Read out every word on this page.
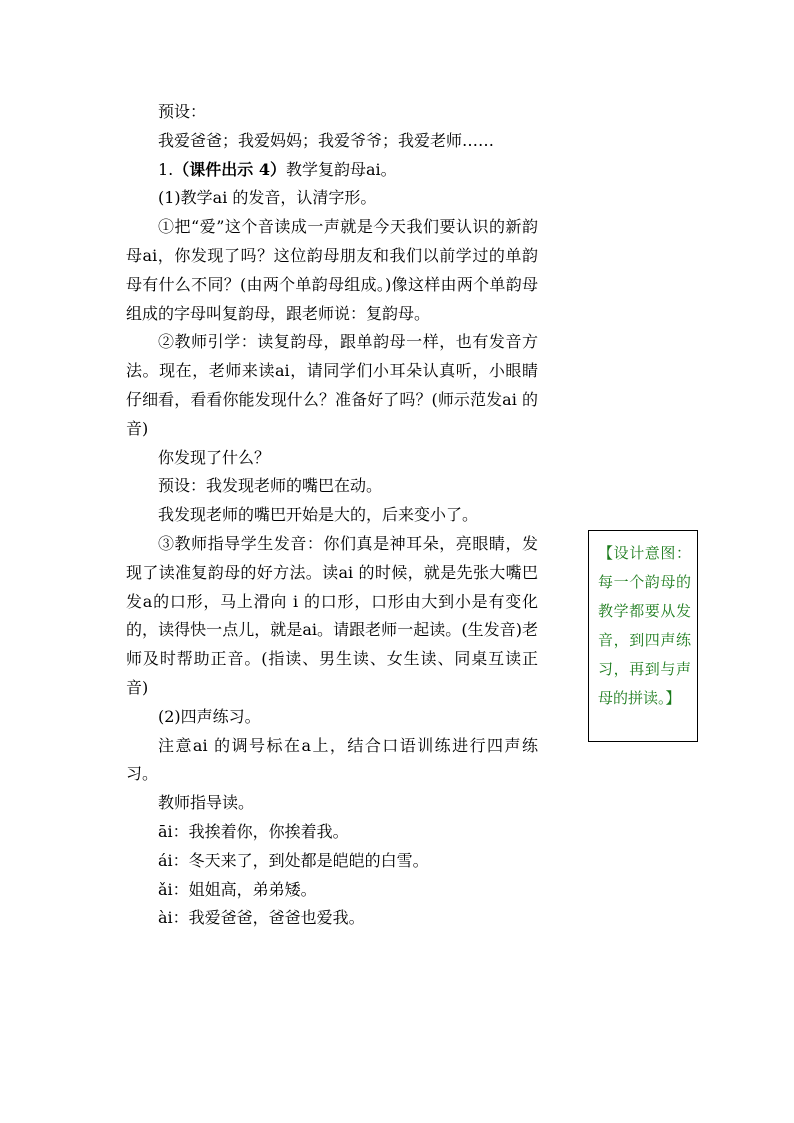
预设：

我爱爸爸；我爱妈妈；我爱爷爷；我爱老师……

1.（课件出示 4）教学复韵母ai。

(1)教学ai 的发音，认清字形。

①把“爱”这个音读成一声就是今天我们要认识的新韵母ai，你发现了吗？这位韵母朋友和我们以前学过的单韵母有什么不同？(由两个单韵母组成。)像这样由两个单韵母组成的字母叫复韵母，跟老师说：复韵母。

②教师引学：读复韵母，跟单韵母一样，也有发音方法。现在，老师来读ai，请同学们小耳朵认真听，小眼睛仔细看，看看你能发现什么？准备好了吗？(师示范发ai 的音)

你发现了什么？

预设：我发现老师的嘴巴在动。

我发现老师的嘴巴开始是大的，后来变小了。

③教师指导学生发音：你们真是神耳朵，亮眼睛，发现了读准复韵母的好方法。读ai 的时候，就是先张大嘴巴发a的口形，马上滑向 i 的口形，口形由大到小是有变化的，读得快一点儿，就是ai。请跟老师一起读。(生发音)老师及时帮助正音。(指读、男生读、女生读、同桌互读正音)

(2)四声练习。

注意ai 的调号标在a上，结合口语训练进行四声练习。

教师指导读。

āi：我挨着你，你挨着我。

ái：冬天来了，到处都是皑皑的白雪。

ǎi：姐姐高，弟弟矮。

ài：我爱爸爸，爸爸也爱我。

【设计意图：每一个韵母的教学都要从发音，到四声练习，再到与声母的拼读。】
